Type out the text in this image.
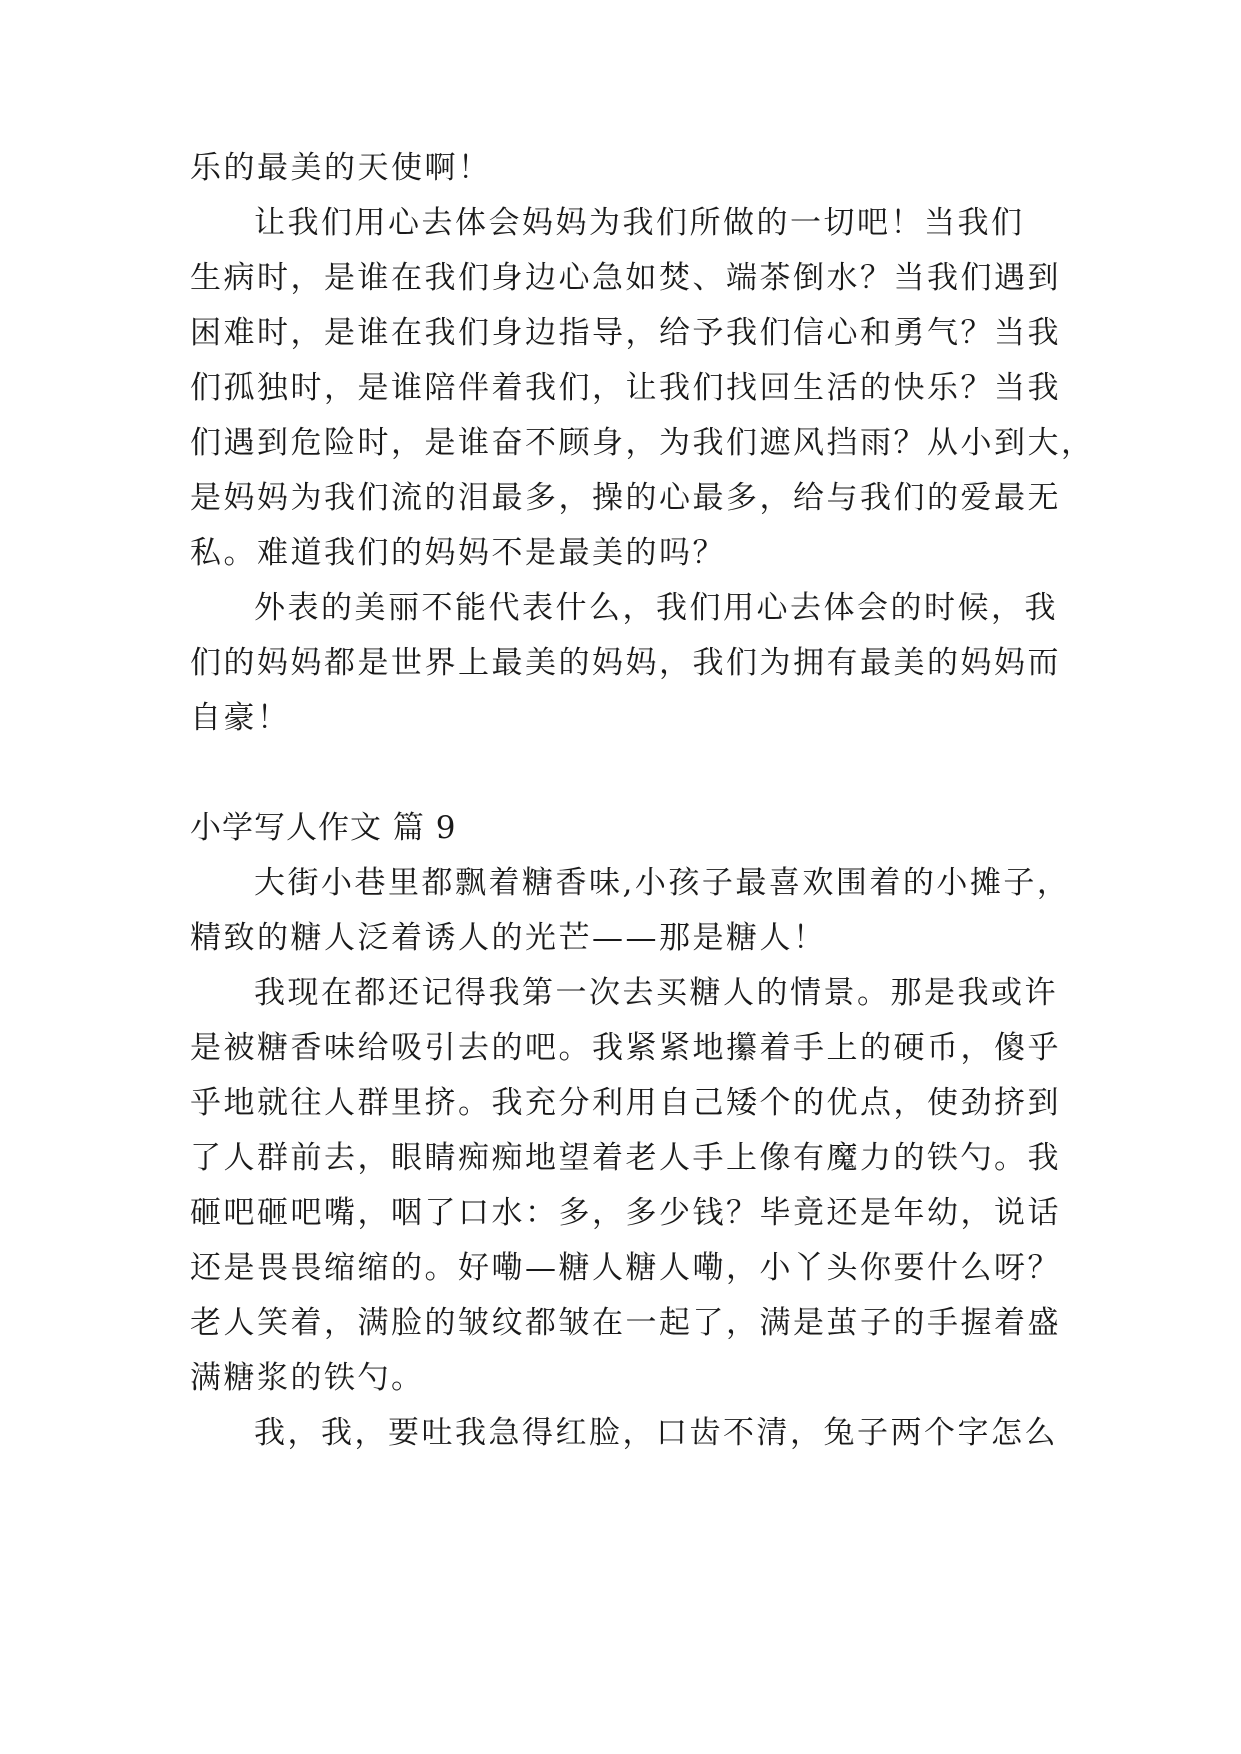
乐的最美的天使啊！
让我们用心去体会妈妈为我们所做的一切吧！当我们
生病时，是谁在我们身边心急如焚、端茶倒水？当我们遇到
困难时，是谁在我们身边指导，给予我们信心和勇气？当我
们孤独时，是谁陪伴着我们，让我们找回生活的快乐？当我
们遇到危险时，是谁奋不顾身，为我们遮风挡雨？从小到大，
是妈妈为我们流的泪最多，操的心最多，给与我们的爱最无
私。难道我们的妈妈不是最美的吗？
外表的美丽不能代表什么，我们用心去体会的时候，我
们的妈妈都是世界上最美的妈妈，我们为拥有最美的妈妈而
自豪！
小学写人作文 篇 9
大街小巷里都飘着糖香味,小孩子最喜欢围着的小摊子，
精致的糖人泛着诱人的光芒——那是糖人！
我现在都还记得我第一次去买糖人的情景。那是我或许
是被糖香味给吸引去的吧。我紧紧地攥着手上的硬币，傻乎
乎地就往人群里挤。我充分利用自己矮个的优点，使劲挤到
了人群前去，眼睛痴痴地望着老人手上像有魔力的铁勺。我
砸吧砸吧嘴，咽了口水：多，多少钱？毕竟还是年幼，说话
还是畏畏缩缩的。好嘞—糖人糖人嘞，小丫头你要什么呀？
老人笑着，满脸的皱纹都皱在一起了，满是茧子的手握着盛
满糖浆的铁勺。
我，我，要吐我急得红脸，口齿不清，兔子两个字怎么
